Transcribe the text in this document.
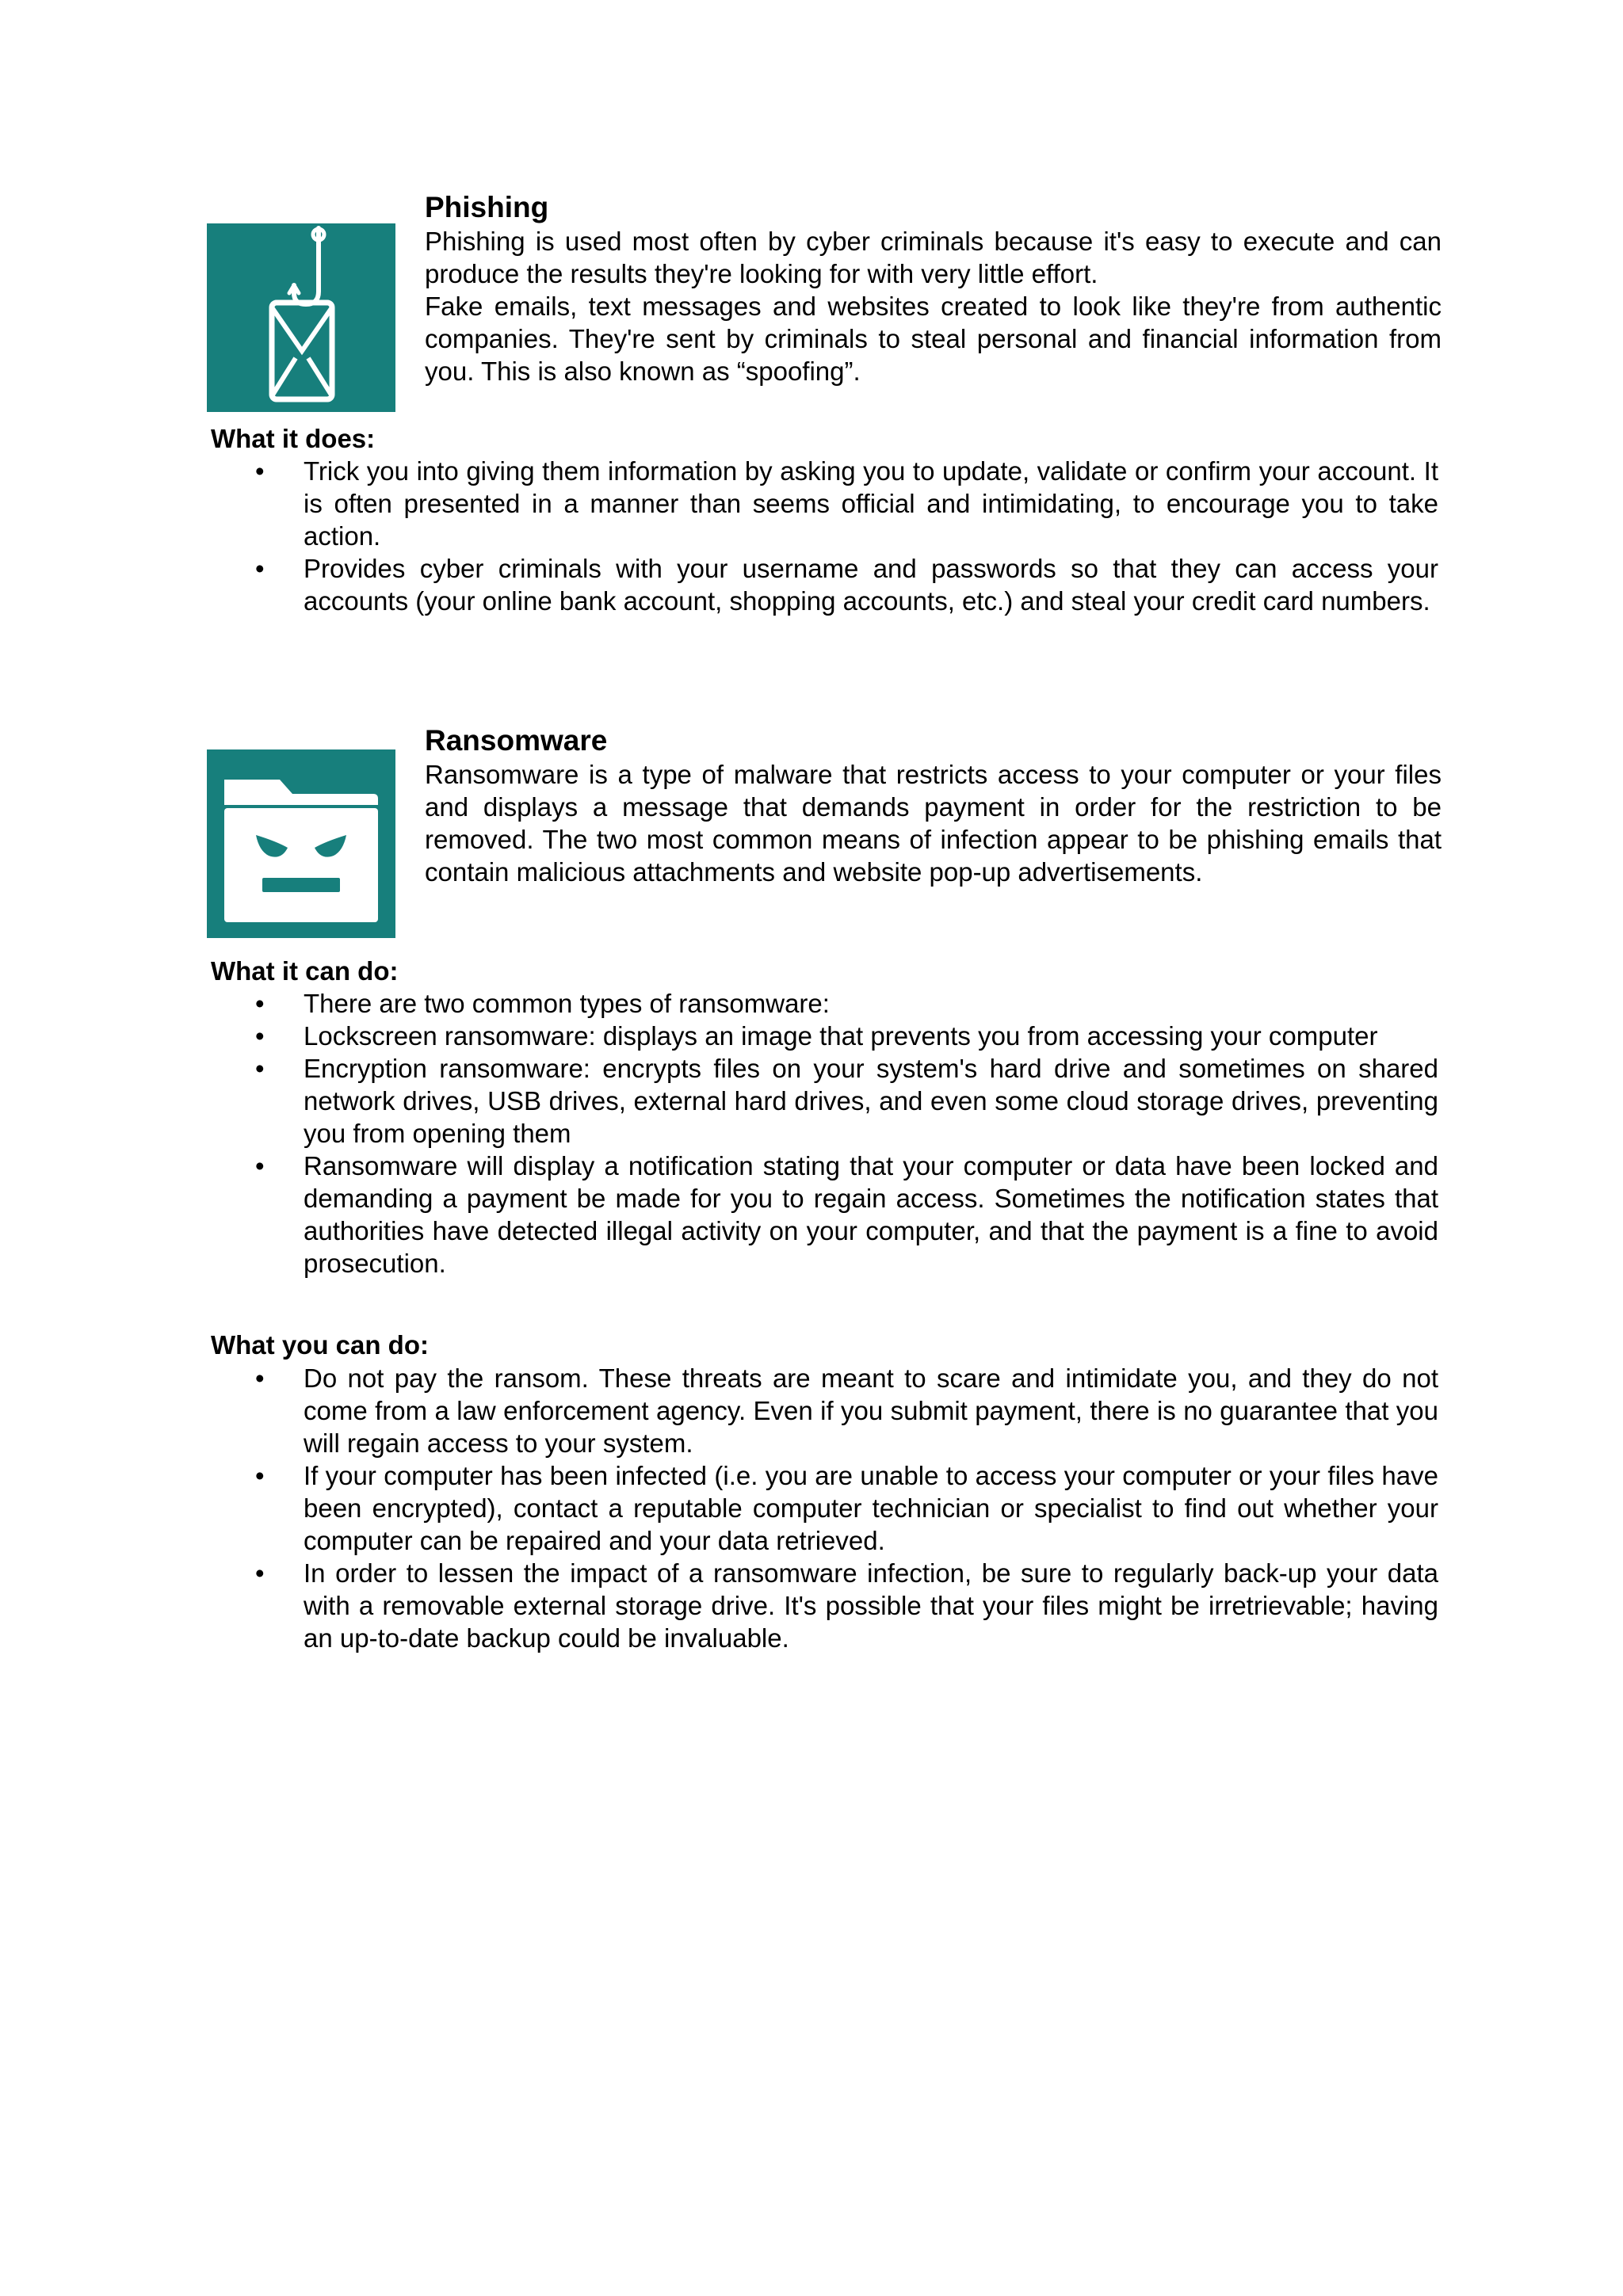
Phishing

Phishing is used most often by cyber criminals because it's easy to execute and can produce the results they're looking for with very little effort.

Fake emails, text messages and websites created to look like they're from authentic companies. They're sent by criminals to steal personal and financial information from you. This is also known as “spoofing”.

What it does:
• Trick you into giving them information by asking you to update, validate or confirm your account. It is often presented in a manner than seems official and intimidating, to encourage you to take action.
• Provides cyber criminals with your username and passwords so that they can access your accounts (your online bank account, shopping accounts, etc.) and steal your credit card numbers.
Ransomware

Ransomware is a type of malware that restricts access to your computer or your files and displays a message that demands payment in order for the restriction to be removed. The two most common means of infection appear to be phishing emails that contain malicious attachments and website pop-up advertisements.

What it can do:
• There are two common types of ransomware:
• Lockscreen ransomware: displays an image that prevents you from accessing your computer
• Encryption ransomware: encrypts files on your system's hard drive and sometimes on shared network drives, USB drives, external hard drives, and even some cloud storage drives, preventing you from opening them
• Ransomware will display a notification stating that your computer or data have been locked and demanding a payment be made for you to regain access. Sometimes the notification states that authorities have detected illegal activity on your computer, and that the payment is a fine to avoid prosecution.
What you can do:
• Do not pay the ransom. These threats are meant to scare and intimidate you, and they do not come from a law enforcement agency. Even if you submit payment, there is no guarantee that you will regain access to your system.
• If your computer has been infected (i.e. you are unable to access your computer or your files have been encrypted), contact a reputable computer technician or specialist to find out whether your computer can be repaired and your data retrieved.
• In order to lessen the impact of a ransomware infection, be sure to regularly back-up your data with a removable external storage drive. It's possible that your files might be irretrievable; having an up-to-date backup could be invaluable.
